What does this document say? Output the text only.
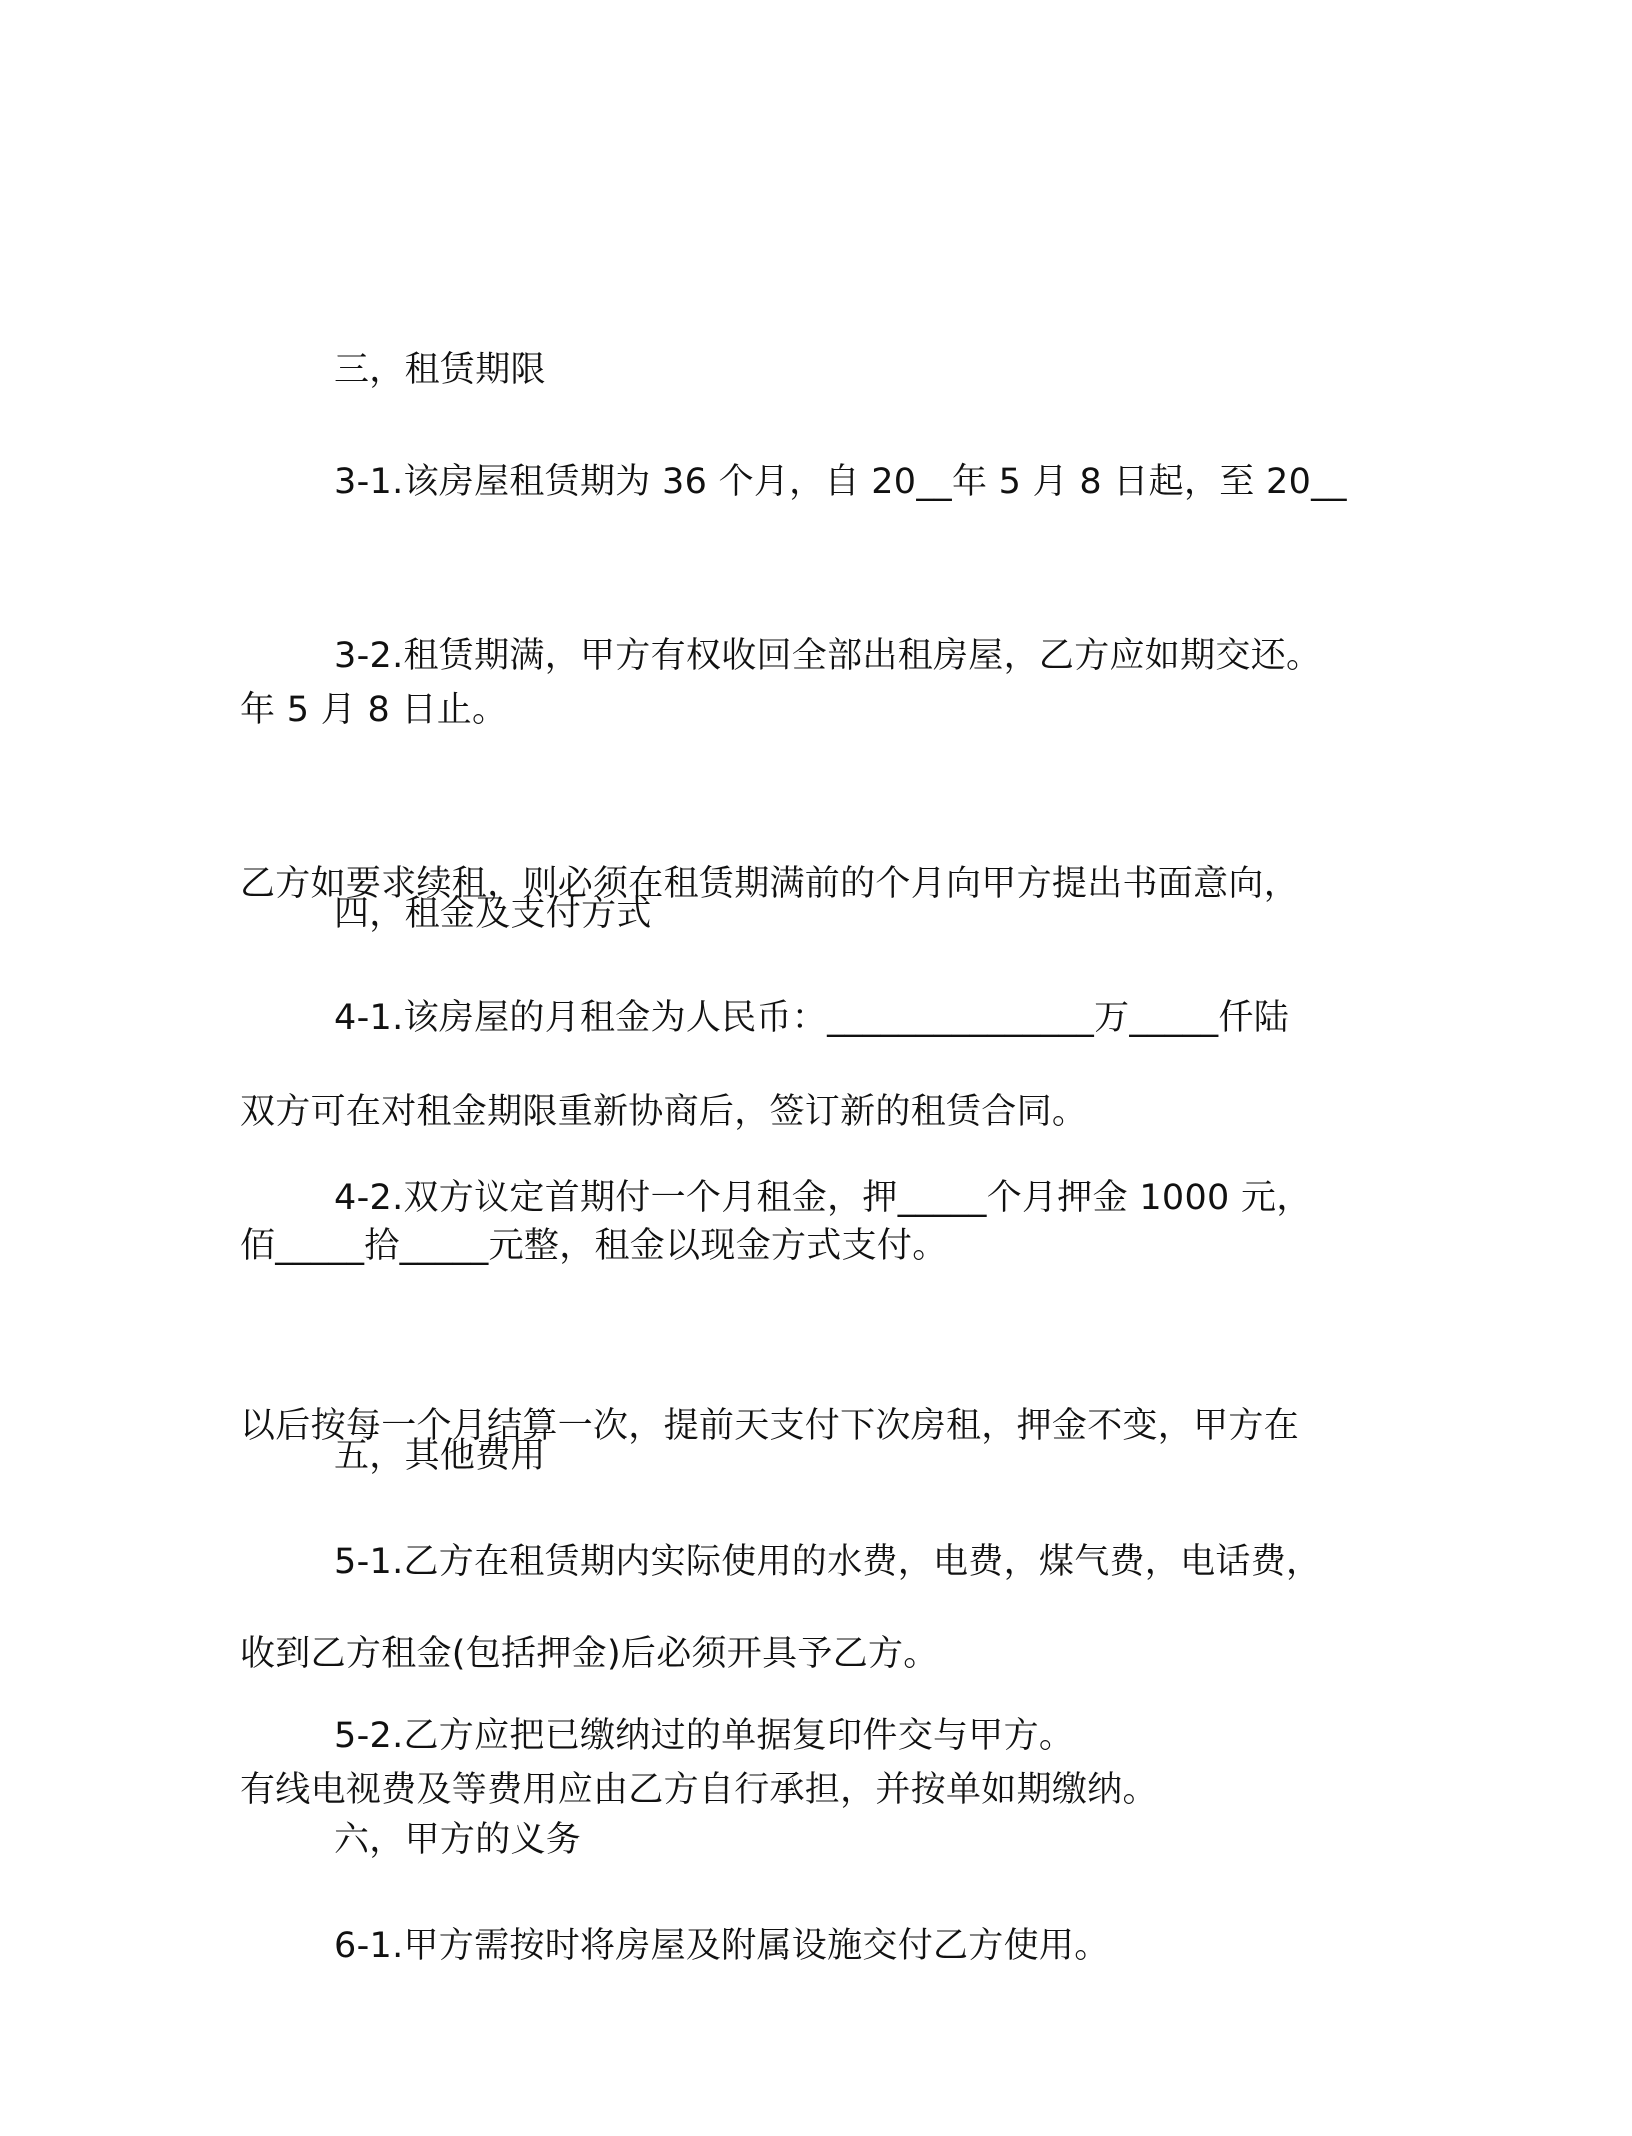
三，租赁期限

3-1.该房屋租赁期为 36 个月，自 20__年 5 月 8 日起，至 20__

年 5 月 8 日止。

3-2.租赁期满，甲方有权收回全部出租房屋，乙方应如期交还。

乙方如要求续租，则必须在租赁期满前的个月向甲方提出书面意向，

双方可在对租金期限重新协商后，签订新的租赁合同。

四，租金及支付方式

4-1.该房屋的月租金为人民币：_______________万_____仟陆

佰_____拾_____元整，租金以现金方式支付。

4-2.双方议定首期付一个月租金，押_____个月押金 1000 元，

以后按每一个月结算一次，提前天支付下次房租，押金不变，甲方在

收到乙方租金(包括押金)后必须开具予乙方。

五，其他费用

5-1.乙方在租赁期内实际使用的水费，电费，煤气费，电话费，

有线电视费及等费用应由乙方自行承担，并按单如期缴纳。

5-2.乙方应把已缴纳过的单据复印件交与甲方。

六，甲方的义务

6-1.甲方需按时将房屋及附属设施交付乙方使用。
